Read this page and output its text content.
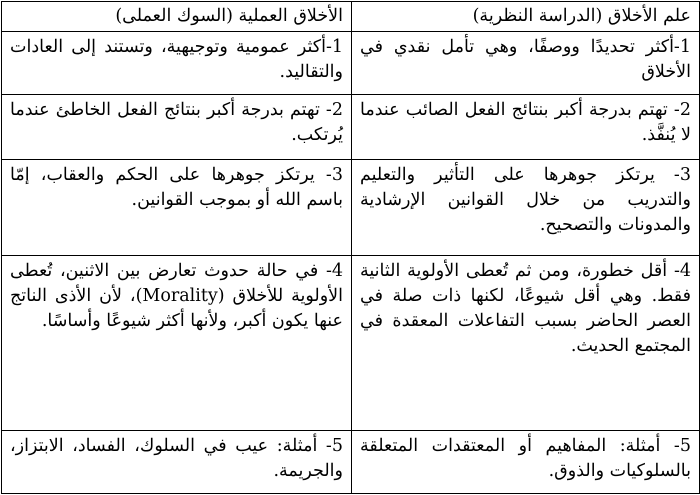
علم الأخلاق (الدراسة النظرية)	الأخلاق العملية (السوك العملى)
1-أكثر تحديدًا ووصفًا، وهي تأمل نقدي في الأخلاق	1-أكثر عمومية وتوجيهية، وتستند إلى العادات والتقاليد.
2- تهتم بدرجة أكبر بنتائج الفعل الصائب عندما لا يُنفَّذ.	2- تهتم بدرجة أكبر بنتائج الفعل الخاطئ عندما يُرتكب.
3- يرتكز جوهرها على التأثير والتعليم والتدريب من خلال القوانين الإرشادية والمدونات والتصحيح.	3- يرتكز جوهرها على الحكم والعقاب، إمّا باسم الله أو بموجب القوانين.
4- أقل خطورة، ومن ثم تُعطى الأولوية الثانية فقط. وهي أقل شيوعًا، لكنها ذات صلة في العصر الحاضر بسبب التفاعلات المعقدة في المجتمع الحديث.	4- في حالة حدوث تعارض بين الاثنين، تُعطى الأولوية للأخلاق (Morality)، لأن الأذى الناتج عنها يكون أكبر، ولأنها أكثر شيوعًا وأساسًا.
5- أمثلة: المفاهيم أو المعتقدات المتعلقة بالسلوكيات والذوق.	5- أمثلة: عيب في السلوك، الفساد، الابتزاز، والجريمة.
